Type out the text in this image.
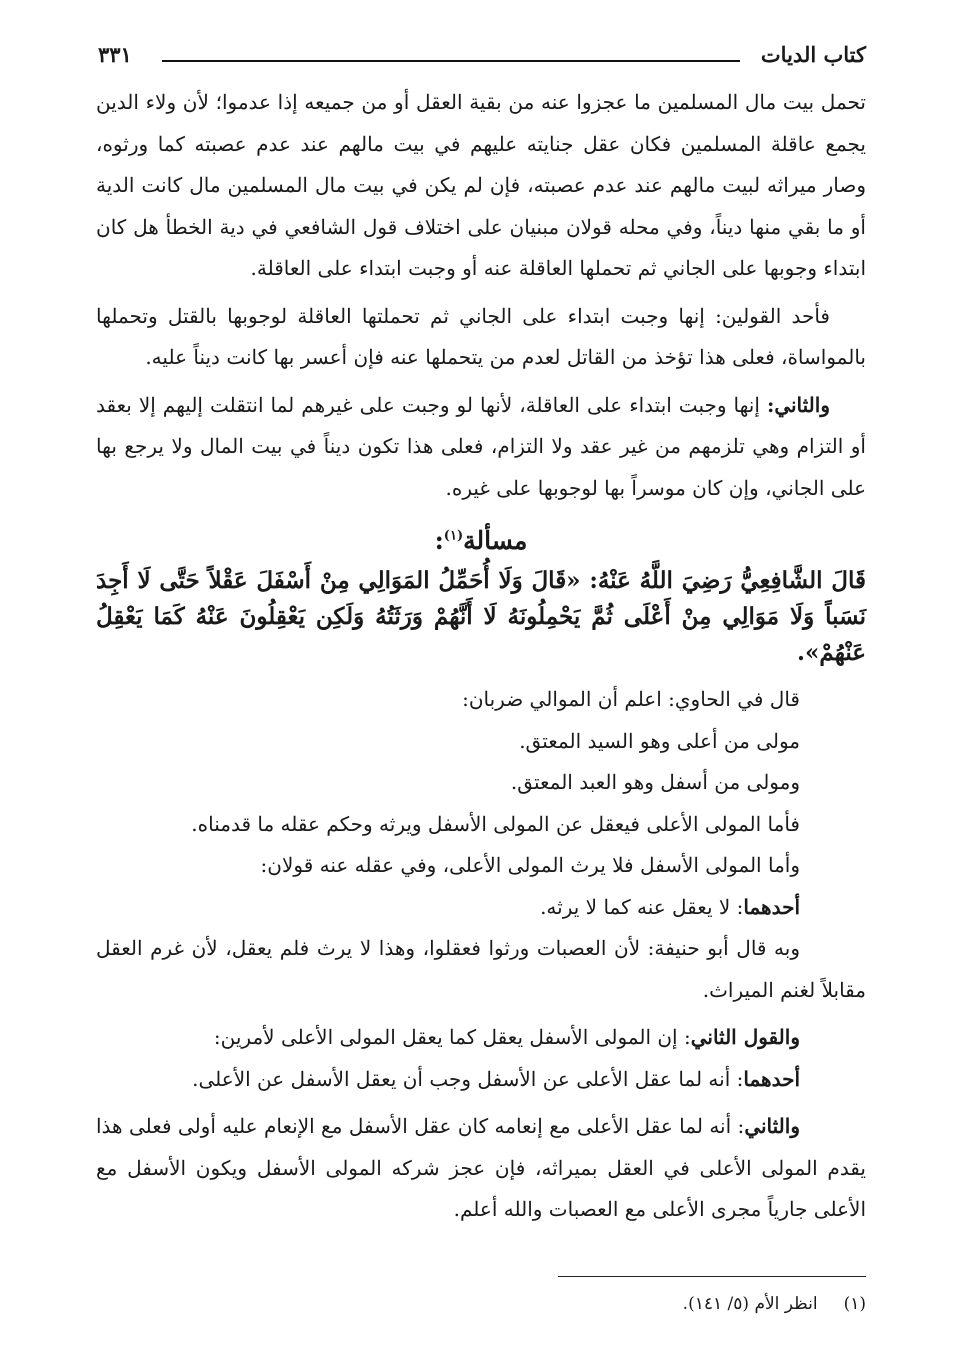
كتاب الديات
٣٣١

تحمل بيت مال المسلمين ما عجزوا عنه من بقية العقل أو من جميعه إذا عدموا؛ لأن ولاء الدين يجمع عاقلة المسلمين فكان عقل جنايته عليهم في بيت مالهم عند عدم عصبته كما ورثوه، وصار ميراثه لبيت مالهم عند عدم عصبته، فإن لم يكن في بيت مال المسلمين مال كانت الدية أو ما بقي منها ديناً، وفي محله قولان مبنيان على اختلاف قول الشافعي في دية الخطأ هل كان ابتداء وجوبها على الجاني ثم تحملها العاقلة عنه أو وجبت ابتداء على العاقلة.

فأحد القولين: إنها وجبت ابتداء على الجاني ثم تحملتها العاقلة لوجوبها بالقتل وتحملها بالمواساة، فعلى هذا تؤخذ من القاتل لعدم من يتحملها عنه فإن أعسر بها كانت ديناً عليه.

والثاني: إنها وجبت ابتداء على العاقلة، لأنها لو وجبت على غيرهم لما انتقلت إليهم إلا بعقد أو التزام وهي تلزمهم من غير عقد ولا التزام، فعلى هذا تكون ديناً في بيت المال ولا يرجع بها على الجاني، وإن كان موسراً بها لوجوبها على غيره.

مسألة$^{(١)}$:

قَالَ الشَّافِعِيُّ رَضِيَ اللَّهُ عَنْهُ: «قَالَ وَلَا أُحَمِّلُ المَوَالِي مِنْ أَسْفَلَ عَقْلاً حَتَّى لَا أَجِدَ نَسَباً وَلَا مَوَالِي مِنْ أَعْلَى ثُمَّ يَحْمِلُونَهُ لَا أَنَّهُمْ وَرَثَتُهُ وَلَكِن يَعْقِلُونَ عَنْهُ كَمَا يَعْقِلُ عَنْهُمْ».

قال في الحاوي: اعلم أن الموالي ضربان:

مولى من أعلى وهو السيد المعتق.

ومولى من أسفل وهو العبد المعتق.

فأما المولى الأعلى فيعقل عن المولى الأسفل ويرثه وحكم عقله ما قدمناه.

وأما المولى الأسفل فلا يرث المولى الأعلى، وفي عقله عنه قولان:

أحدهما: لا يعقل عنه كما لا يرثه.

وبه قال أبو حنيفة: لأن العصبات ورثوا فعقلوا، وهذا لا يرث فلم يعقل، لأن غرم العقل مقابلاً لغنم الميراث.

والقول الثاني: إن المولى الأسفل يعقل كما يعقل المولى الأعلى لأمرين:

أحدهما: أنه لما عقل الأعلى عن الأسفل وجب أن يعقل الأسفل عن الأعلى.

والثاني: أنه لما عقل الأعلى مع إنعامه كان عقل الأسفل مع الإنعام عليه أولى فعلى هذا يقدم المولى الأعلى في العقل بميراثه، فإن عجز شركه المولى الأسفل ويكون الأسفل مع الأعلى جارياً مجرى الأعلى مع العصبات والله أعلم.

(١)انظر الأم (٥/ ١٤١).
